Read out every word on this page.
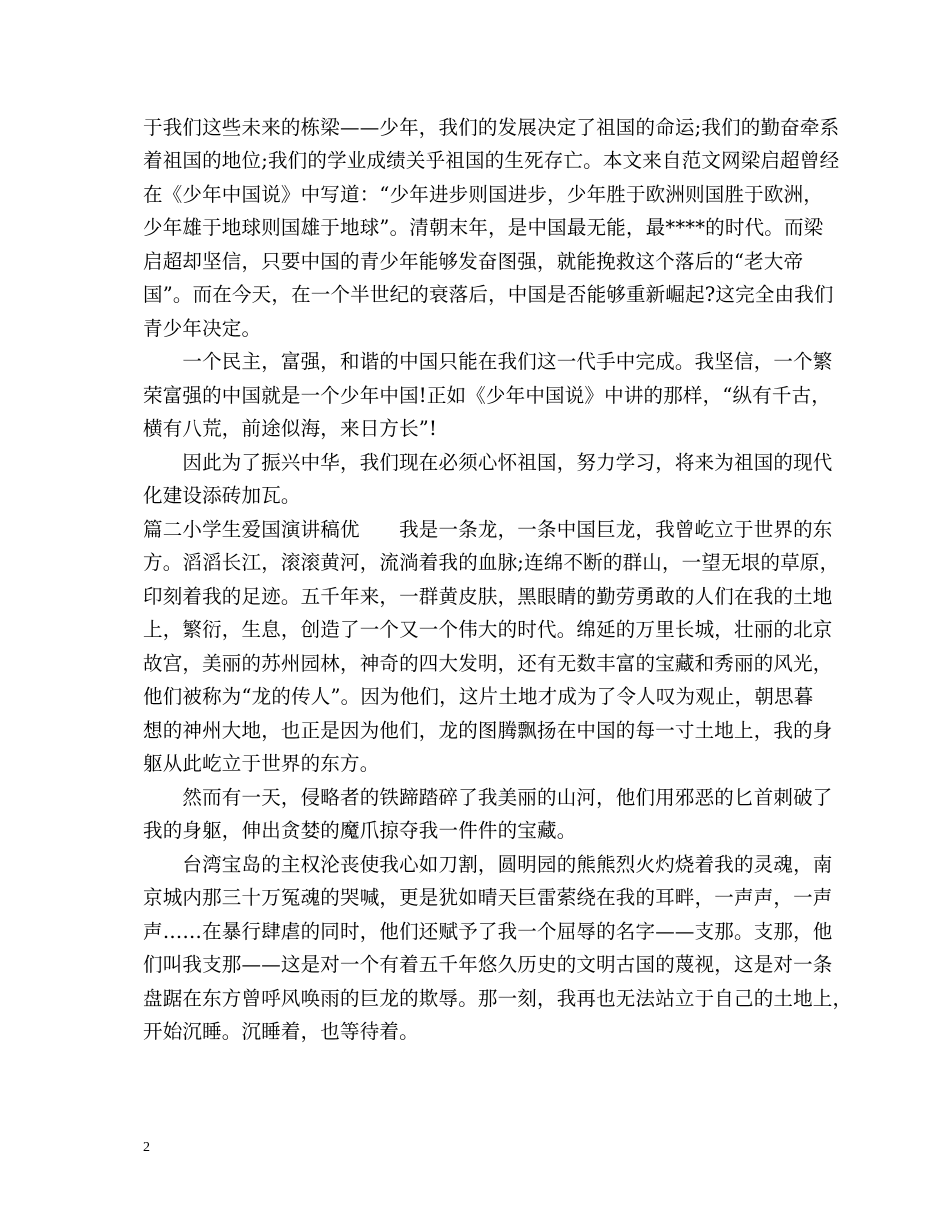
于我们这些未来的栋梁——少年，我们的发展决定了祖国的命运;我们的勤奋牵系
着祖国的地位;我们的学业成绩关乎祖国的生死存亡。本文来自范文网梁启超曾经
在《少年中国说》中写道：“少年进步则国进步，少年胜于欧洲则国胜于欧洲，
少年雄于地球则国雄于地球”。清朝末年，是中国最无能，最****的时代。而梁
启超却坚信，只要中国的青少年能够发奋图强，就能挽救这个落后的“老大帝
国”。而在今天，在一个半世纪的衰落后，中国是否能够重新崛起?这完全由我们
青少年决定。
　　一个民主，富强，和谐的中国只能在我们这一代手中完成。我坚信，一个繁
荣富强的中国就是一个少年中国!正如《少年中国说》中讲的那样，“纵有千古，
横有八荒，前途似海，来日方长”!
　　因此为了振兴中华，我们现在必须心怀祖国，努力学习，将来为祖国的现代
化建设添砖加瓦。
篇二小学生爱国演讲稿优　　我是一条龙，一条中国巨龙，我曾屹立于世界的东
方。滔滔长江，滚滚黄河，流淌着我的血脉;连绵不断的群山，一望无垠的草原，
印刻着我的足迹。五千年来，一群黄皮肤，黑眼睛的勤劳勇敢的人们在我的土地
上，繁衍，生息，创造了一个又一个伟大的时代。绵延的万里长城，壮丽的北京
故宫，美丽的苏州园林，神奇的四大发明，还有无数丰富的宝藏和秀丽的风光，
他们被称为“龙的传人”。因为他们，这片土地才成为了令人叹为观止，朝思暮
想的神州大地，也正是因为他们，龙的图腾飘扬在中国的每一寸土地上，我的身
躯从此屹立于世界的东方。
　　然而有一天，侵略者的铁蹄踏碎了我美丽的山河，他们用邪恶的匕首刺破了
我的身躯，伸出贪婪的魔爪掠夺我一件件的宝藏。
　　台湾宝岛的主权沦丧使我心如刀割，圆明园的熊熊烈火灼烧着我的灵魂，南
京城内那三十万冤魂的哭喊，更是犹如晴天巨雷萦绕在我的耳畔，一声声，一声
声……在暴行肆虐的同时，他们还赋予了我一个屈辱的名字——支那。支那，他
们叫我支那——这是对一个有着五千年悠久历史的文明古国的蔑视，这是对一条
盘踞在东方曾呼风唤雨的巨龙的欺辱。那一刻，我再也无法站立于自己的土地上，
开始沉睡。沉睡着，也等待着。
2
